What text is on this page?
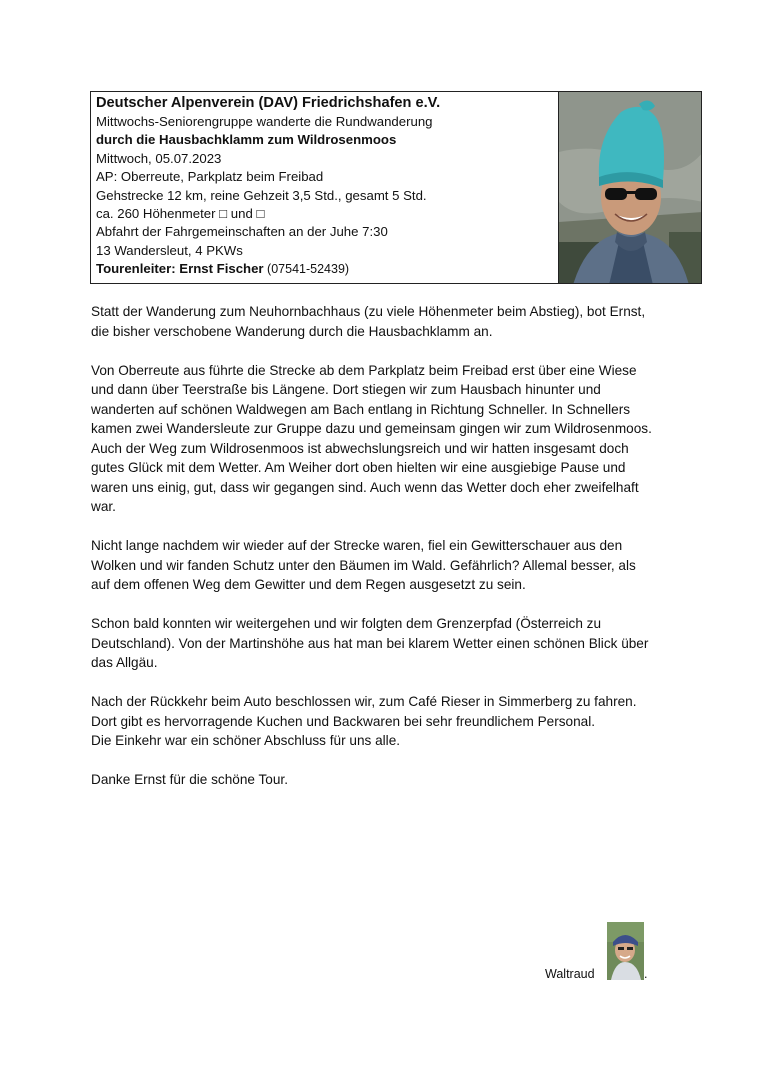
Deutscher Alpenverein (DAV) Friedrichshafen e.V.
Mittwochs-Seniorengruppe wanderte die Rundwanderung
durch die Hausbachklamm zum Wildrosenmoos
Mittwoch, 05.07.2023
AP: Oberreute, Parkplatz beim Freibad
Gehstrecke 12 km, reine Gehzeit 3,5 Std., gesamt 5 Std.
ca. 260 Höhenmeter □ und □
Abfahrt der Fahrgemeinschaften an der Juhe 7:30
13 Wandersleut, 4 PKWs
Tourenleiter: Ernst Fischer (07541-52439)

Statt der Wanderung zum Neuhornbachhaus (zu viele Höhenmeter beim Abstieg), bot Ernst,
die bisher verschobene Wanderung durch die Hausbachklamm an.

Von Oberreute aus führte die Strecke ab dem Parkplatz beim Freibad erst über eine Wiese
und dann über Teerstraße bis Längene. Dort stiegen wir zum Hausbach hinunter und
wanderten auf schönen Waldwegen am Bach entlang in Richtung Schneller. In Schnellers
kamen zwei Wandersleute zur Gruppe dazu und gemeinsam gingen wir zum Wildrosenmoos.
Auch der Weg zum Wildrosenmoos ist abwechslungsreich und wir hatten insgesamt doch
gutes Glück mit dem Wetter. Am Weiher dort oben hielten wir eine ausgiebige Pause und
waren uns einig, gut, dass wir gegangen sind. Auch wenn das Wetter doch eher zweifelhaft
war.

Nicht lange nachdem wir wieder auf der Strecke waren, fiel ein Gewitterschauer aus den
Wolken und wir fanden Schutz unter den Bäumen im Wald. Gefährlich? Allemal besser, als
auf dem offenen Weg dem Gewitter und dem Regen ausgesetzt zu sein.

Schon bald konnten wir weitergehen und wir folgten dem Grenzerpfad (Österreich zu
Deutschland). Von der Martinshöhe aus hat man bei klarem Wetter einen schönen Blick über
das Allgäu.

Nach der Rückkehr beim Auto beschlossen wir, zum Café Rieser in Simmerberg zu fahren.
Dort gibt es hervorragende Kuchen und Backwaren bei sehr freundlichem Personal.
Die Einkehr war ein schöner Abschluss für uns alle.

Danke Ernst für die schöne Tour.

Waltraud	.
